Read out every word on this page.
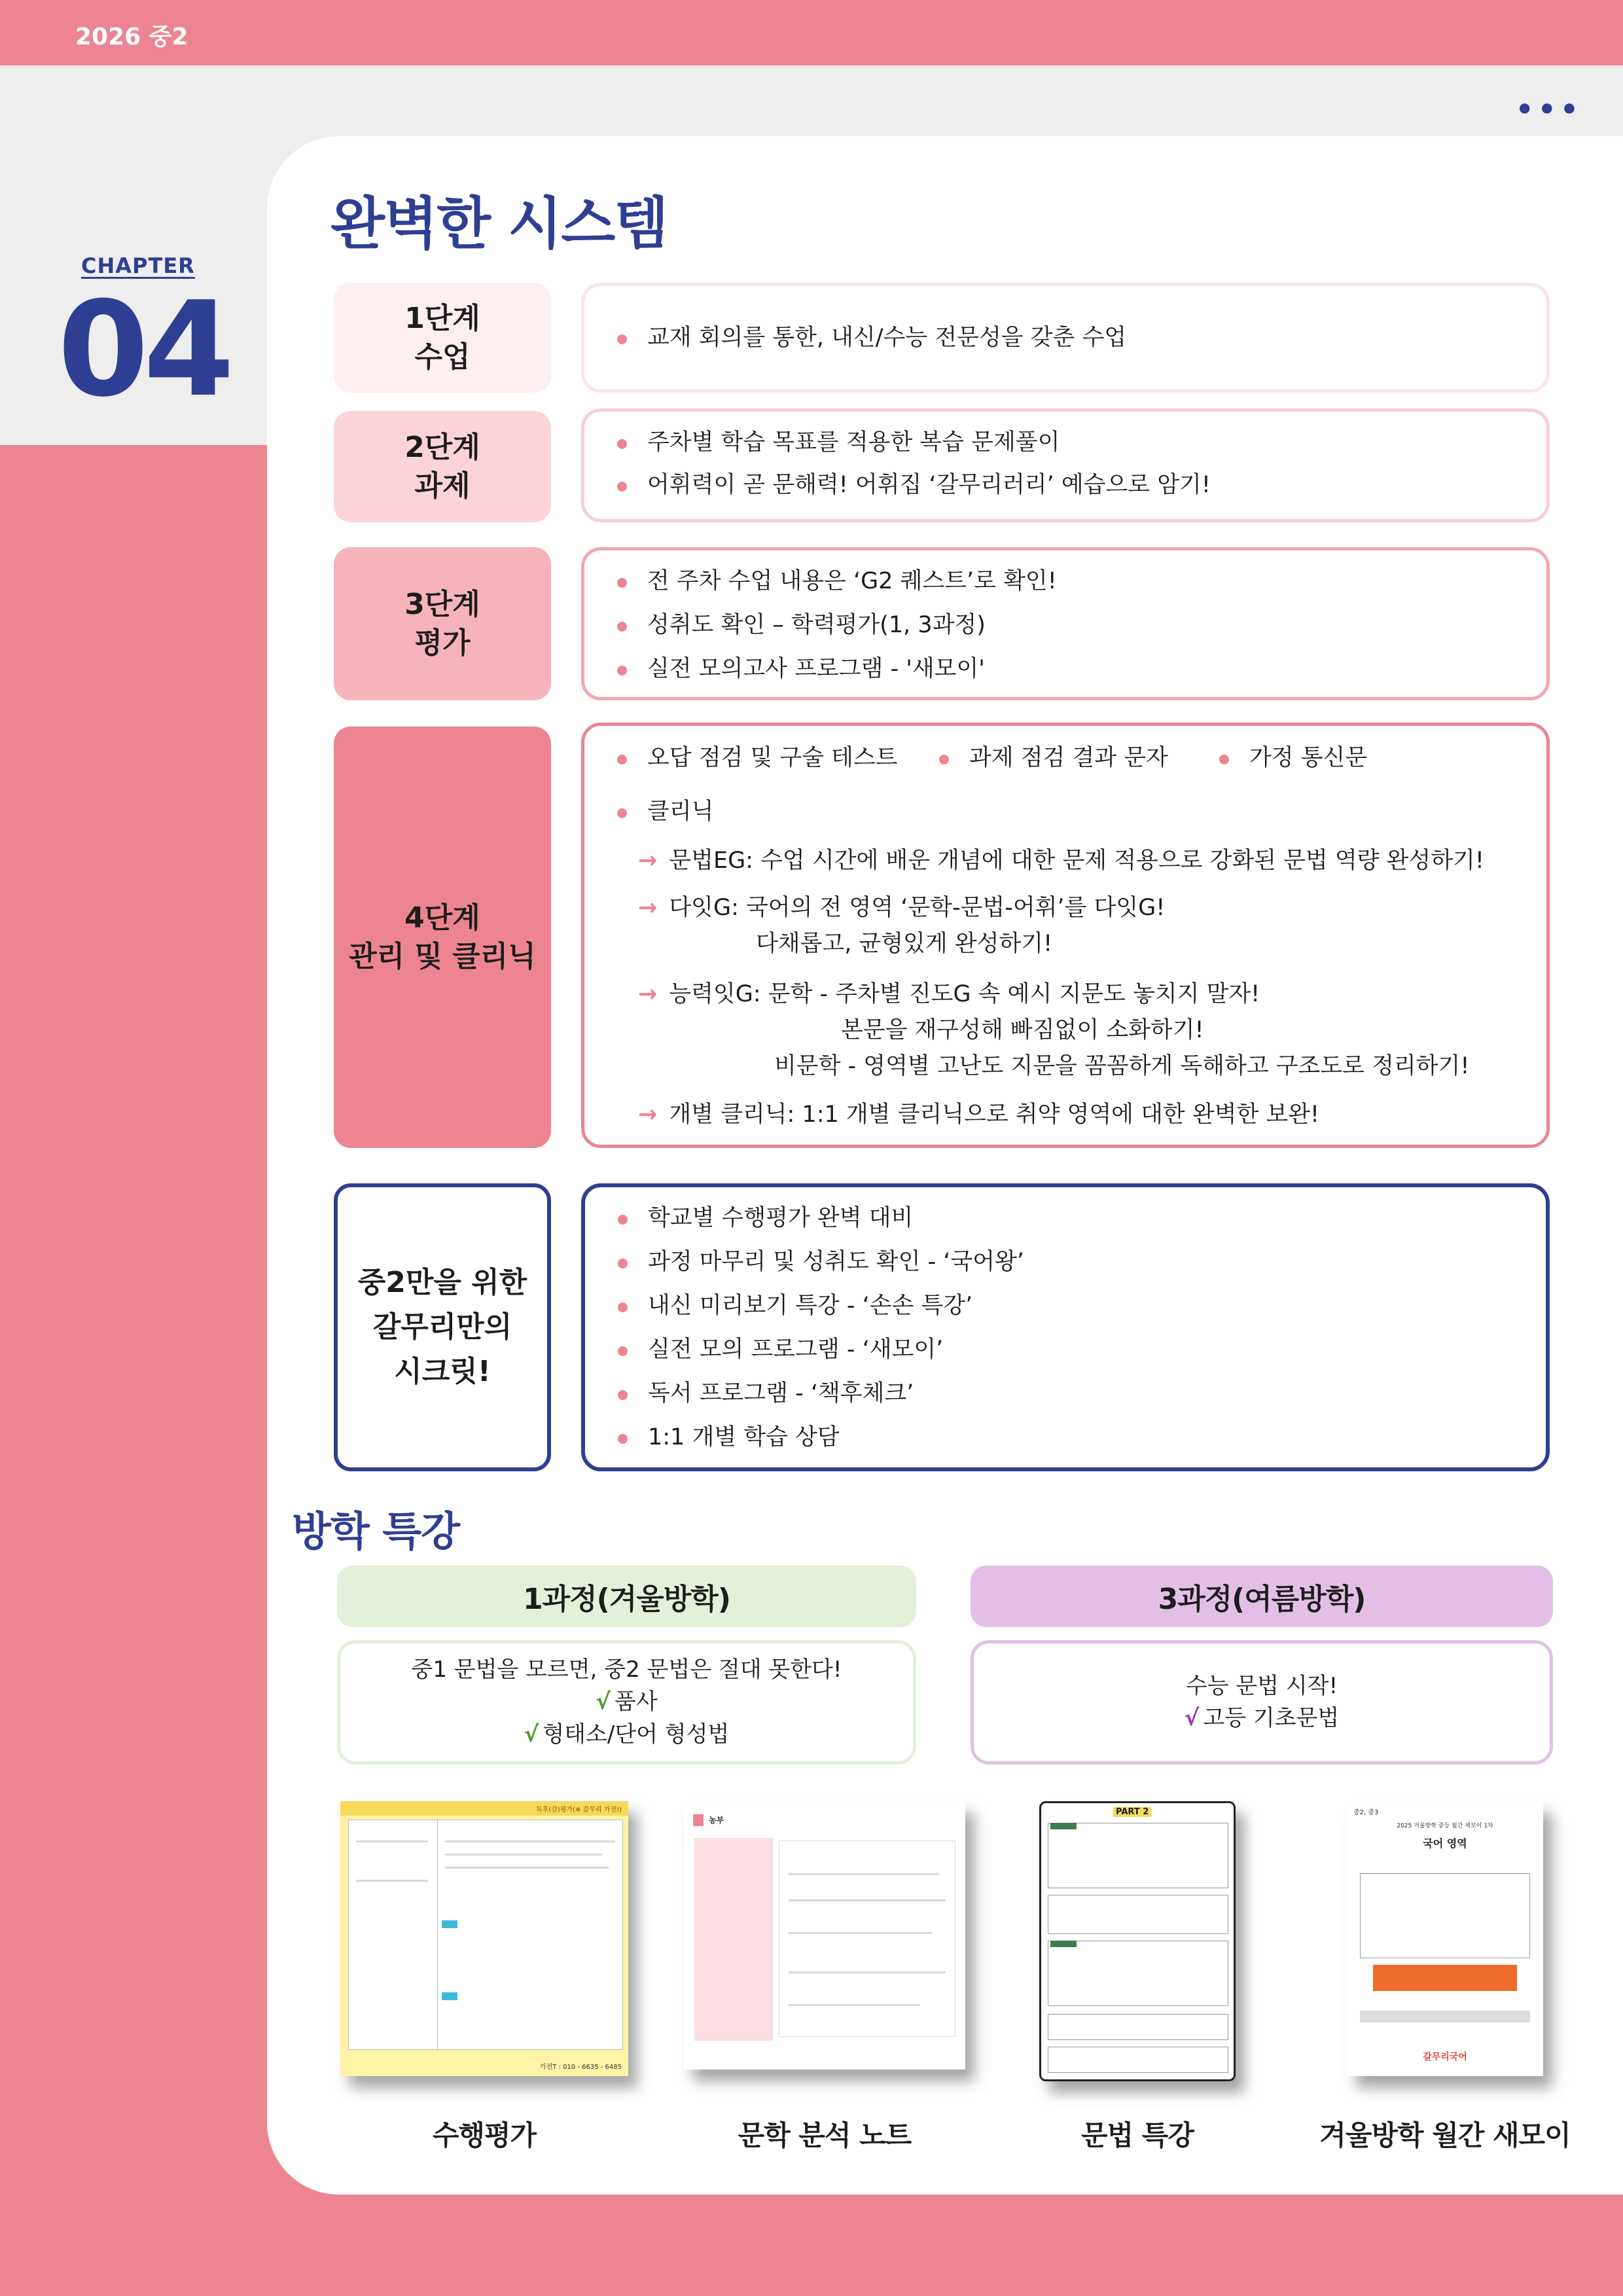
2026 중2
•••
CHAPTER
04
완벽한 시스템
1단계
수업
교재 회의를 통한, 내신/수능 전문성을 갖춘 수업
2단계
과제
주차별 학습 목표를 적용한 복습 문제풀이
어휘력이 곧 문해력! 어휘집 ‘갈무리러리’ 예습으로 암기!
3단계
평가
전 주차 수업 내용은 ‘G2 퀘스트’로 확인!
성취도 확인 – 학력평가(1, 3과정)
실전 모의고사 프로그램 - '새모이'
4단계
관리 및 클리닉
오답 점검 및 구술 테스트	과제 점검 결과 문자	가정 통신문
클리닉
→ 문법EG: 수업 시간에 배운 개념에 대한 문제 적용으로 강화된 문법 역량 완성하기!
→ 다잇G: 국어의 전 영역 ‘문학-문법-어휘’를 다잇G!
다채롭고, 균형있게 완성하기!
→ 능력잇G: 문학 - 주차별 진도G 속 예시 지문도 놓치지 말자!
본문을 재구성해 빠짐없이 소화하기!
비문학 - 영역별 고난도 지문을 꼼꼼하게 독해하고 구조도로 정리하기!
→ 개별 클리닉: 1:1 개별 클리닉으로 취약 영역에 대한 완벽한 보완!
중2만을 위한
갈무리만의
시크릿!
학교별 수행평가 완벽 대비
과정 마무리 및 성취도 확인 - ‘국어왕’
내신 미리보기 특강 - ‘손손 특강’
실전 모의 프로그램 - ‘새모이’
독서 프로그램 - ‘책후체크’
1:1 개별 학습 상담
방학 특강
1과정(겨울방학)
중1 문법을 모르면, 중2 문법은 절대 못한다!
√ 품사
√ 형태소/단어 형성법
3과정(여름방학)
수능 문법 시작!
√ 고등 기초문법
독후(감)평가(※ 갈무리 가전!)
가전T : 010 - 6635 - 6485
수행평가
농부
문학 분석 노트
PART 2
문법 특강
중2, 중3
2025 겨울방학 중등 월간 제모이 1차
국어 영역
갈무리국어
겨울방학 월간 새모이
